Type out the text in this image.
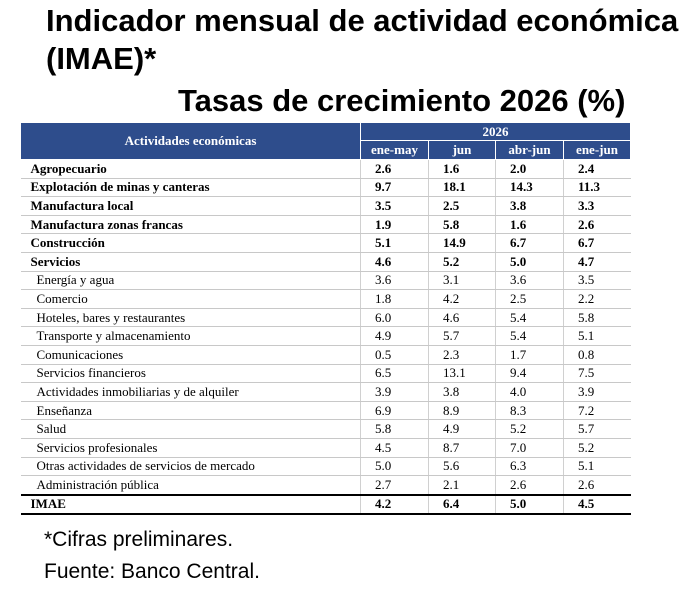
Indicador mensual de actividad económica (IMAE)*
Tasas de crecimiento 2026 (%)
Actividades económicas	2026			
	ene-may	jun	abr-jun	ene-jun
Agropecuario	2.6	1.6	2.0	2.4
Explotación de minas y canteras	9.7	18.1	14.3	11.3
Manufactura local	3.5	2.5	3.8	3.3
Manufactura zonas francas	1.9	5.8	1.6	2.6
Construcción	5.1	14.9	6.7	6.7
Servicios	4.6	5.2	5.0	4.7
Energía y agua	3.6	3.1	3.6	3.5
Comercio	1.8	4.2	2.5	2.2
Hoteles, bares y restaurantes	6.0	4.6	5.4	5.8
Transporte y almacenamiento	4.9	5.7	5.4	5.1
Comunicaciones	0.5	2.3	1.7	0.8
Servicios financieros	6.5	13.1	9.4	7.5
Actividades inmobiliarias y de alquiler	3.9	3.8	4.0	3.9
Enseñanza	6.9	8.9	8.3	7.2
Salud	5.8	4.9	5.2	5.7
Servicios profesionales	4.5	8.7	7.0	5.2
Otras actividades de servicios de mercado	5.0	5.6	6.3	5.1
Administración pública	2.7	2.1	2.6	2.6
IMAE	4.2	6.4	5.0	4.5
*Cifras preliminares.
Fuente: Banco Central.
